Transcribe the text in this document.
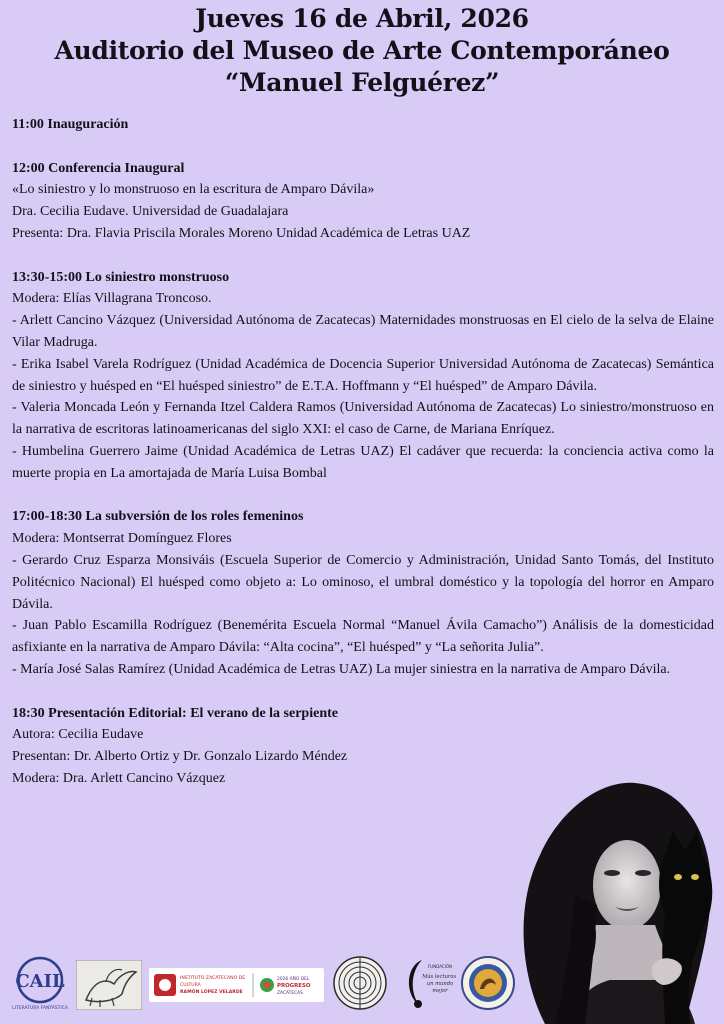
Jueves 16 de Abril, 2026
Auditorio del Museo de Arte Contemporáneo
“Manuel Felguérez”
11:00 Inauguración
12:00 Conferencia Inaugural
«Lo siniestro y lo monstruoso en la escritura de Amparo Dávila»
Dra. Cecilia Eudave. Universidad de Guadalajara
Presenta: Dra. Flavia Priscila Morales Moreno Unidad Académica de Letras UAZ
13:30-15:00 Lo siniestro monstruoso
Modera: Elías Villagrana Troncoso.
- Arlett Cancino Vázquez (Universidad Autónoma de Zacatecas) Maternidades monstruosas en El cielo de la selva de Elaine Vilar Madruga.
- Erika Isabel Varela Rodríguez (Unidad Académica de Docencia Superior Universidad Autónoma de Zacatecas) Semántica de siniestro y huésped en “El huésped siniestro” de E.T.A. Hoffmann y “El huésped” de Amparo Dávila.
- Valeria Moncada León y Fernanda Itzel Caldera Ramos (Universidad Autónoma de Zacatecas) Lo siniestro/monstruoso en la narrativa de escritoras latinoamericanas del siglo XXI: el caso de Carne, de Mariana Enríquez.
- Humbelina Guerrero Jaime (Unidad Académica de Letras UAZ) El cadáver que recuerda: la conciencia activa como la muerte propia en La amortajada de María Luisa Bombal
17:00-18:30 La subversión de los roles femeninos
Modera: Montserrat Domínguez Flores
- Gerardo Cruz Esparza Monsiváis (Escuela Superior de Comercio y Administración, Unidad Santo Tomás, del Instituto Politécnico Nacional) El huésped como objeto a: Lo ominoso, el umbral doméstico y la topología del horror en Amparo Dávila.
- Juan Pablo Escamilla Rodríguez (Benemérita Escuela Normal “Manuel Ávila Camacho”) Análisis de la domesticidad asfixiante en la narrativa de Amparo Dávila: “Alta cocina”, “El huésped” y “La señorita Julia”.
- María José Salas Ramírez (Unidad Académica de Letras UAZ) La mujer siniestra en la narrativa de Amparo Dávila.
18:30 Presentación Editorial: El verano de la serpiente
Autora: Cecilia Eudave
Presentan: Dr. Alberto Ortiz y Dr. Gonzalo Lizardo Méndez
Modera: Dra. Arlett Cancino Vázquez
CAIL
LITERATURA FANTÁSTICA
INSTITUTO ZACATECANO DE
CULTURA
RAMÓN LÓPEZ VELARDE
2026 AÑO DEL
PROGRESO
ZACATECAS
FUNDACIÓN
Más lecturas,
un mundo
mejor
